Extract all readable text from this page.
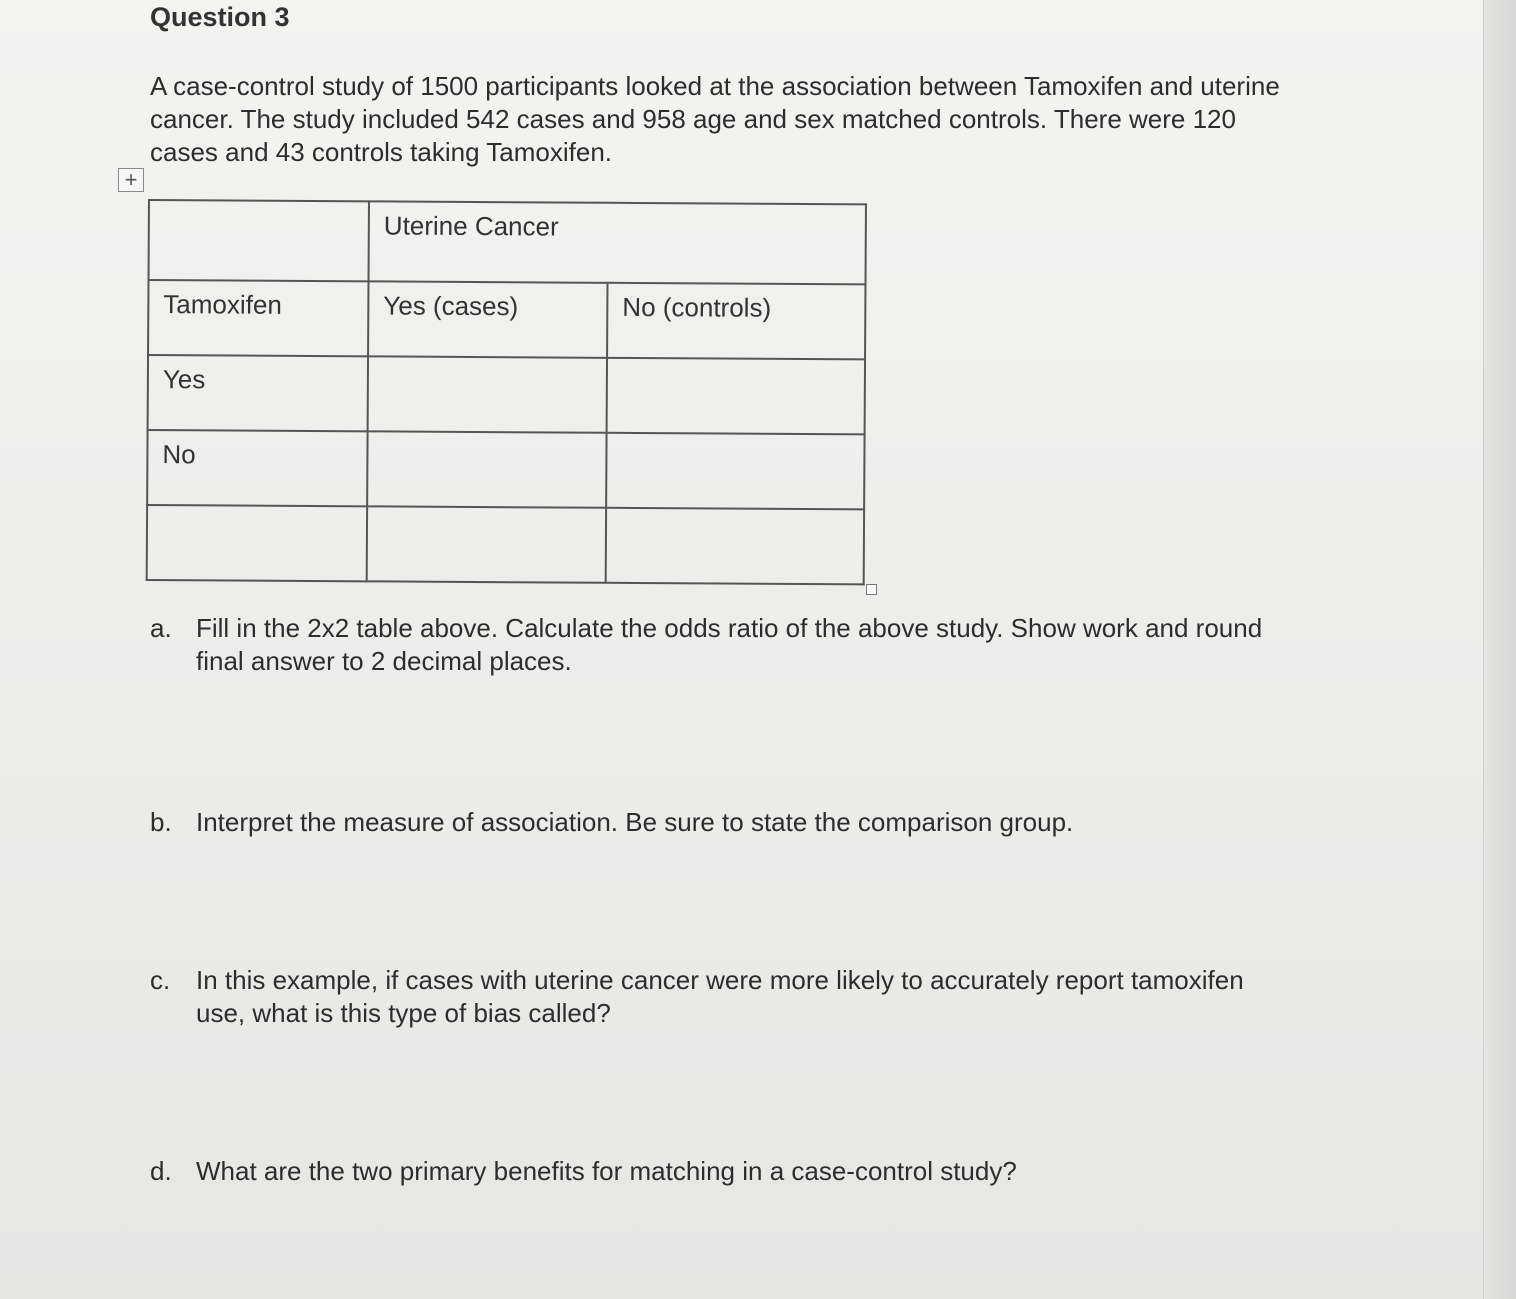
Question 3
A case-control study of 1500 participants looked at the association between Tamoxifen and uterine cancer. The study included 542 cases and 958 age and sex matched controls. There were 120 cases and 43 controls taking Tamoxifen.
+
	Uterine Cancer	
Tamoxifen	Yes (cases)	No (controls)
Yes		
No		

a. Fill in the 2x2 table above. Calculate the odds ratio of the above study. Show work and round final answer to 2 decimal places.
b. Interpret the measure of association. Be sure to state the comparison group.
c. In this example, if cases with uterine cancer were more likely to accurately report tamoxifen use, what is this type of bias called?
d. What are the two primary benefits for matching in a case-control study?
